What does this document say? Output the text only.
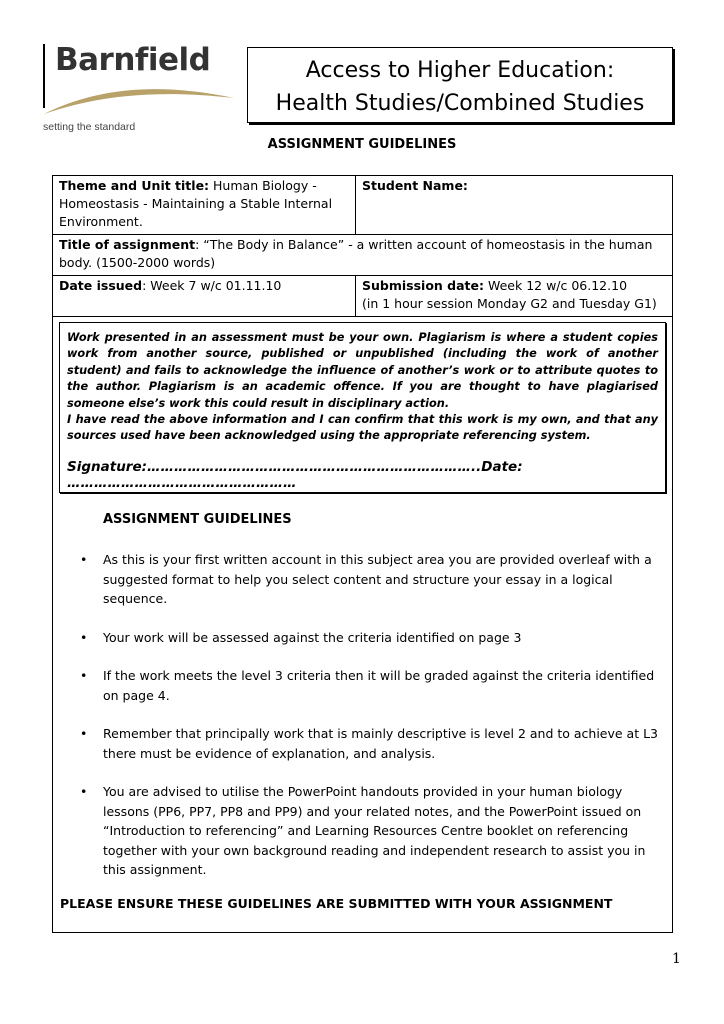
Barnfield
setting the standard
Access to Higher Education:
Health Studies/Combined Studies
ASSIGNMENT GUIDELINES
Theme and Unit title: Human Biology - Homeostasis - Maintaining a Stable Internal Environment.	Student Name:
Title of assignment: “The Body in Balance” - a written account of homeostasis in the human body. (1500-2000 words)	
Date issued: Week 7 w/c 01.11.10	Submission date: Week 12 w/c 06.12.10
(in 1 hour session Monday G2 and Tuesday G1)

Work presented in an assessment must be your own. Plagiarism is where a student copies work from another source, published or unpublished (including the work of another student) and fails to acknowledge the influence of another’s work or to attribute quotes to the author. Plagiarism is an academic offence. If you are thought to have plagiarised someone else’s work this could result in disciplinary action.

I have read the above information and I can confirm that this work is my own, and that any sources used have been acknowledged using the appropriate referencing system.

Signature:………………………………………………………………..Date: ……………………………………………
ASSIGNMENT GUIDELINES
• As this is your first written account in this subject area you are provided overleaf with a suggested format to help you select content and structure your essay in a logical sequence.
• Your work will be assessed against the criteria identified on page 3
• If the work meets the level 3 criteria then it will be graded against the criteria identified on page 4.
• Remember that principally work that is mainly descriptive is level 2 and to achieve at L3 there must be evidence of explanation, and analysis.
• You are advised to utilise the PowerPoint handouts provided in your human biology lessons (PP6, PP7, PP8 and PP9) and your related notes, and the PowerPoint issued on “Introduction to referencing” and Learning Resources Centre booklet on referencing together with your own background reading and independent research to assist you in this assignment.
PLEASE ENSURE THESE GUIDELINES ARE SUBMITTED WITH YOUR ASSIGNMENT
1
